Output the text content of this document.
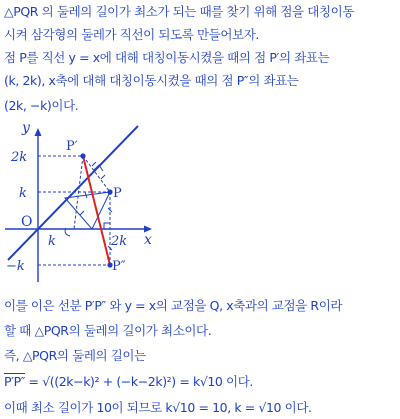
△PQR 의 둘레의 길이가 최소가 되는 때를 찾기 위해 점을 대칭이동
시켜 삼각형의 둘레가 직선이 되도록 만들어보자.
점 P를 직선 y = x에 대해 대칭이동시켰을 때의 점 P′의 좌표는
(k, 2k), x축에 대해 대칭이동시켰을 때의 점 P″의 좌표는
(2k, −k)이다.
y
x
O
2k
k
−k
k	2k
P′
P
P″
이를 이은 선분 P′P″ 와 y = x의 교점을 Q, x축과의 교점을 R이라
할 때 △PQR의 둘레의 길이가 최소이다.
즉, △PQR의 둘레의 길이는
P′P″ = √((2k−k)² + (−k−2k)²) = k√10 이다.
이때 최소 길이가 10이 되므로 k√10 = 10, k = √10 이다.
